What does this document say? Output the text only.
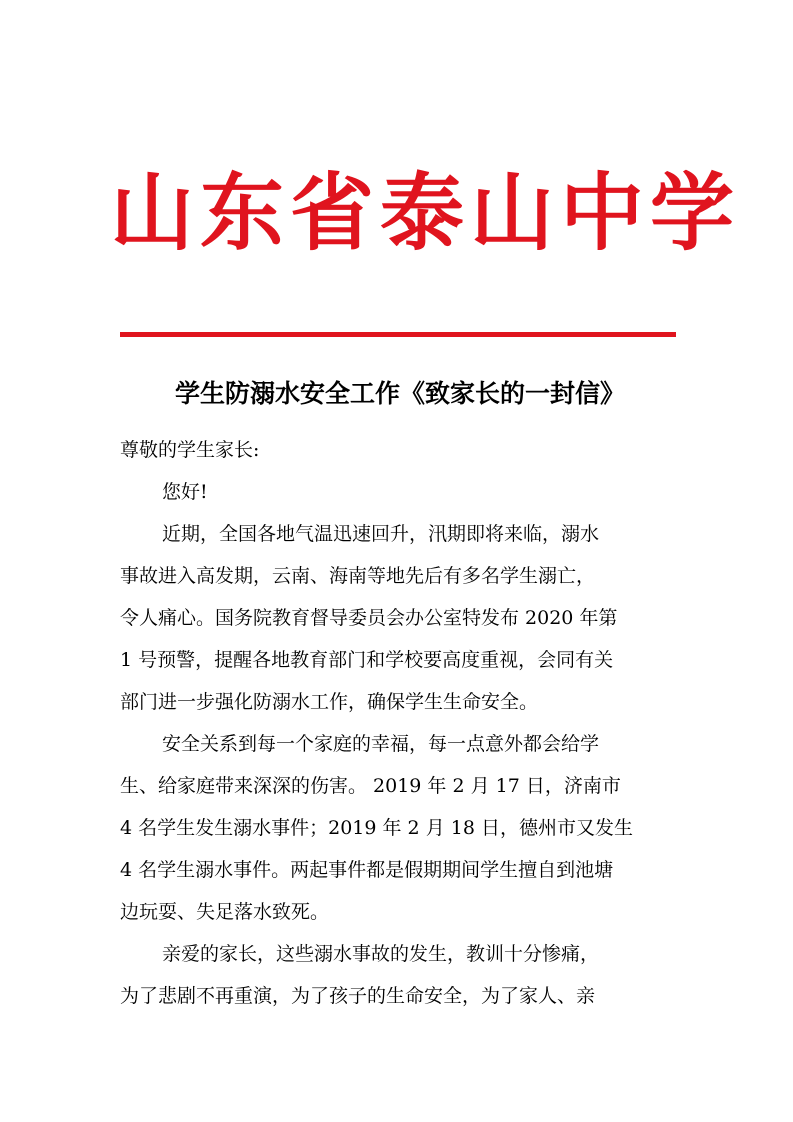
山东省泰山中学
学生防溺水安全工作《致家长的一封信》
尊敬的学生家长:
您好!
近期，全国各地气温迅速回升，汛期即将来临，溺水
事故进入高发期，云南、海南等地先后有多名学生溺亡，
令人痛心。国务院教育督导委员会办公室特发布 2020 年第
1 号预警，提醒各地教育部门和学校要高度重视，会同有关
部门进一步强化防溺水工作，确保学生生命安全。
安全关系到每一个家庭的幸福，每一点意外都会给学
生、给家庭带来深深的伤害。 2019 年 2 月 17 日，济南市
4 名学生发生溺水事件；2019 年 2 月 18 日，德州市又发生
4 名学生溺水事件。两起事件都是假期期间学生擅自到池塘
边玩耍、失足落水致死。
亲爱的家长，这些溺水事故的发生，教训十分惨痛，
为了悲剧不再重演，为了孩子的生命安全，为了家人、亲
